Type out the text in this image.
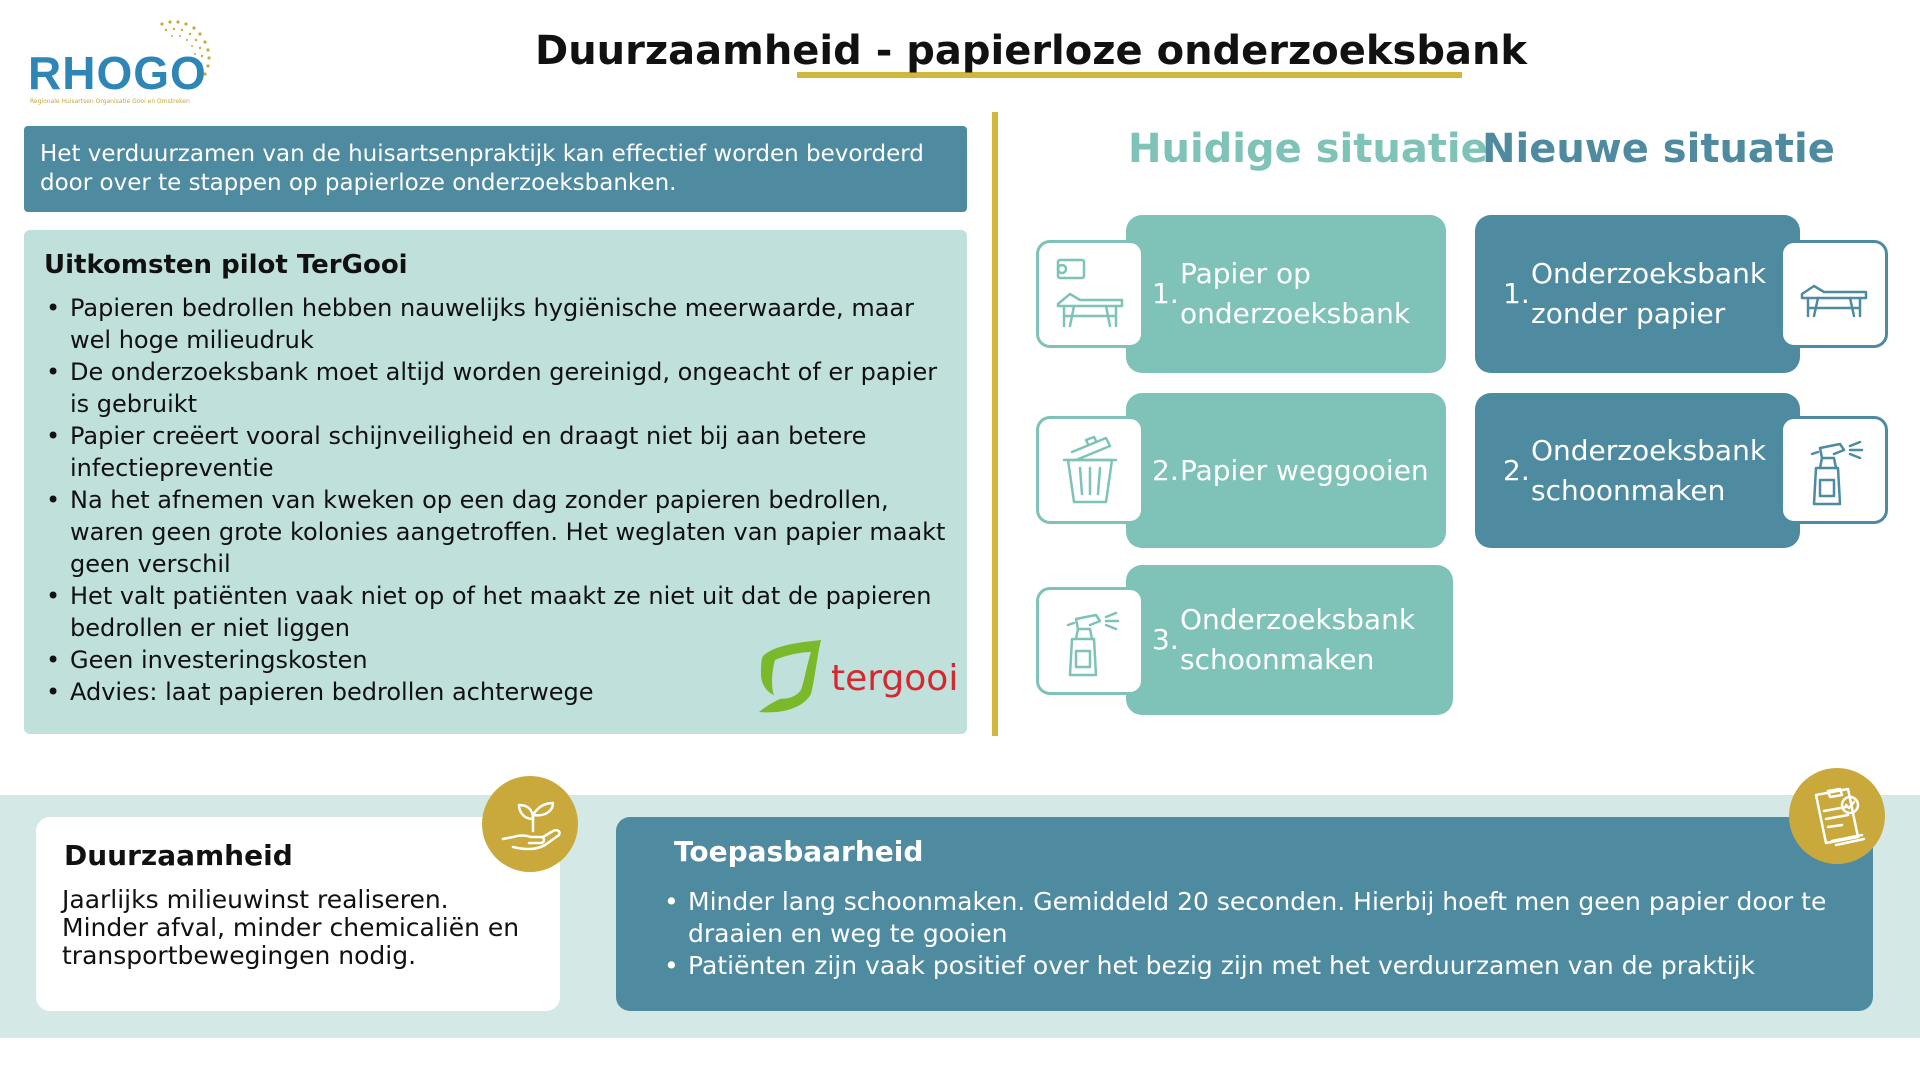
RHOGO
Regionale Huisartsen Organisatie Gooi en Omstreken
Duurzaamheid - papierloze onderzoeksbank
Het verduurzamen van de huisartsenpraktijk kan effectief worden bevorderd door over te stappen op papierloze onderzoeksbanken.
Uitkomsten pilot TerGooi
• Papieren bedrollen hebben nauwelijks hygiënische meerwaarde, maar wel hoge milieudruk
• De onderzoeksbank moet altijd worden gereinigd, ongeacht of er papier is gebruikt
• Papier creëert vooral schijnveiligheid en draagt niet bij aan betere infectiepreventie
• Na het afnemen van kweken op een dag zonder papieren bedrollen, waren geen grote kolonies aangetroffen. Het weglaten van papier maakt geen verschil
• Het valt patiënten vaak niet op of het maakt ze niet uit dat de papieren bedrollen er niet liggen
• Geen investeringskosten
• Advies: laat papieren bedrollen achterwege	tergooi
Huidige situatie
Nieuwe situatie
1.
Papier op onderzoeksbank
2. Papier weggooien
3.
Onderzoeksbank schoonmaken
1.
Onderzoeksbank zonder papier
2.
Onderzoeksbank schoonmaken
Duurzaamheid

Jaarlijks milieuwinst realiseren. Minder afval, minder chemicaliën en transportbewegingen nodig.

Toepasbaarheid
• Minder lang schoonmaken. Gemiddeld 20 seconden. Hierbij hoeft men geen papier door te draaien en weg te gooien
• Patiënten zijn vaak positief over het bezig zijn met het verduurzamen van de praktijk
